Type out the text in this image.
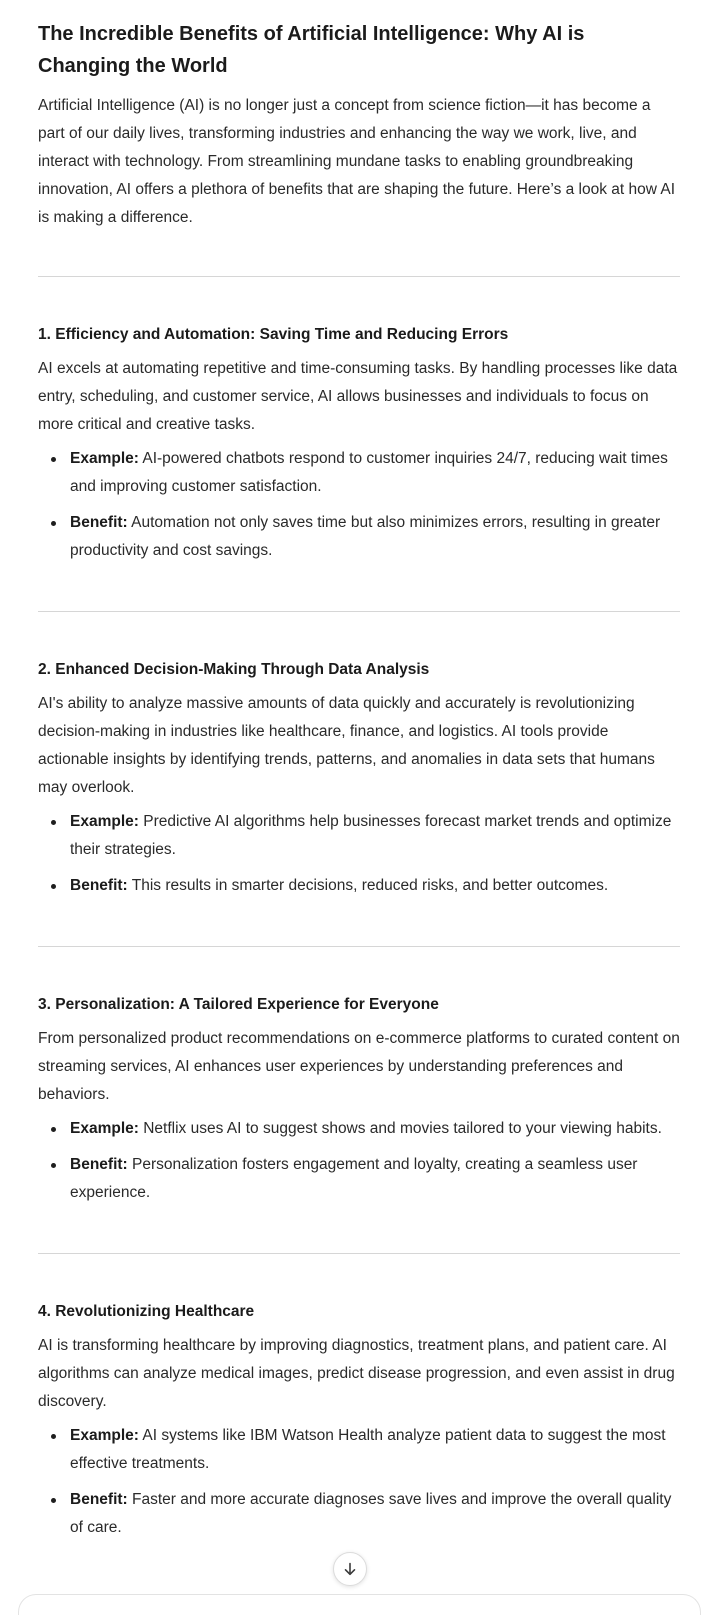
The Incredible Benefits of Artificial Intelligence: Why AI is Changing the World

Artificial Intelligence (AI) is no longer just a concept from science fiction—it has become a part of our daily lives, transforming industries and enhancing the way we work, live, and interact with technology. From streamlining mundane tasks to enabling groundbreaking innovation, AI offers a plethora of benefits that are shaping the future. Here’s a look at how AI is making a difference.

1. Efficiency and Automation: Saving Time and Reducing Errors

AI excels at automating repetitive and time-consuming tasks. By handling processes like data entry, scheduling, and customer service, AI allows businesses and individuals to focus on more critical and creative tasks.

Example: AI-powered chatbots respond to customer inquiries 24/7, reducing wait times and improving customer satisfaction.
Benefit: Automation not only saves time but also minimizes errors, resulting in greater productivity and cost savings.
2. Enhanced Decision-Making Through Data Analysis

AI's ability to analyze massive amounts of data quickly and accurately is revolutionizing decision-making in industries like healthcare, finance, and logistics. AI tools provide actionable insights by identifying trends, patterns, and anomalies in data sets that humans may overlook.

Example: Predictive AI algorithms help businesses forecast market trends and optimize their strategies.
Benefit: This results in smarter decisions, reduced risks, and better outcomes.
3. Personalization: A Tailored Experience for Everyone

From personalized product recommendations on e-commerce platforms to curated content on streaming services, AI enhances user experiences by understanding preferences and behaviors.

Example: Netflix uses AI to suggest shows and movies tailored to your viewing habits.
Benefit: Personalization fosters engagement and loyalty, creating a seamless user experience.
4. Revolutionizing Healthcare

AI is transforming healthcare by improving diagnostics, treatment plans, and patient care. AI algorithms can analyze medical images, predict disease progression, and even assist in drug discovery.

Example: AI systems like IBM Watson Health analyze patient data to suggest the most effective treatments.
Benefit: Faster and more accurate diagnoses save lives and improve the overall quality of care.
